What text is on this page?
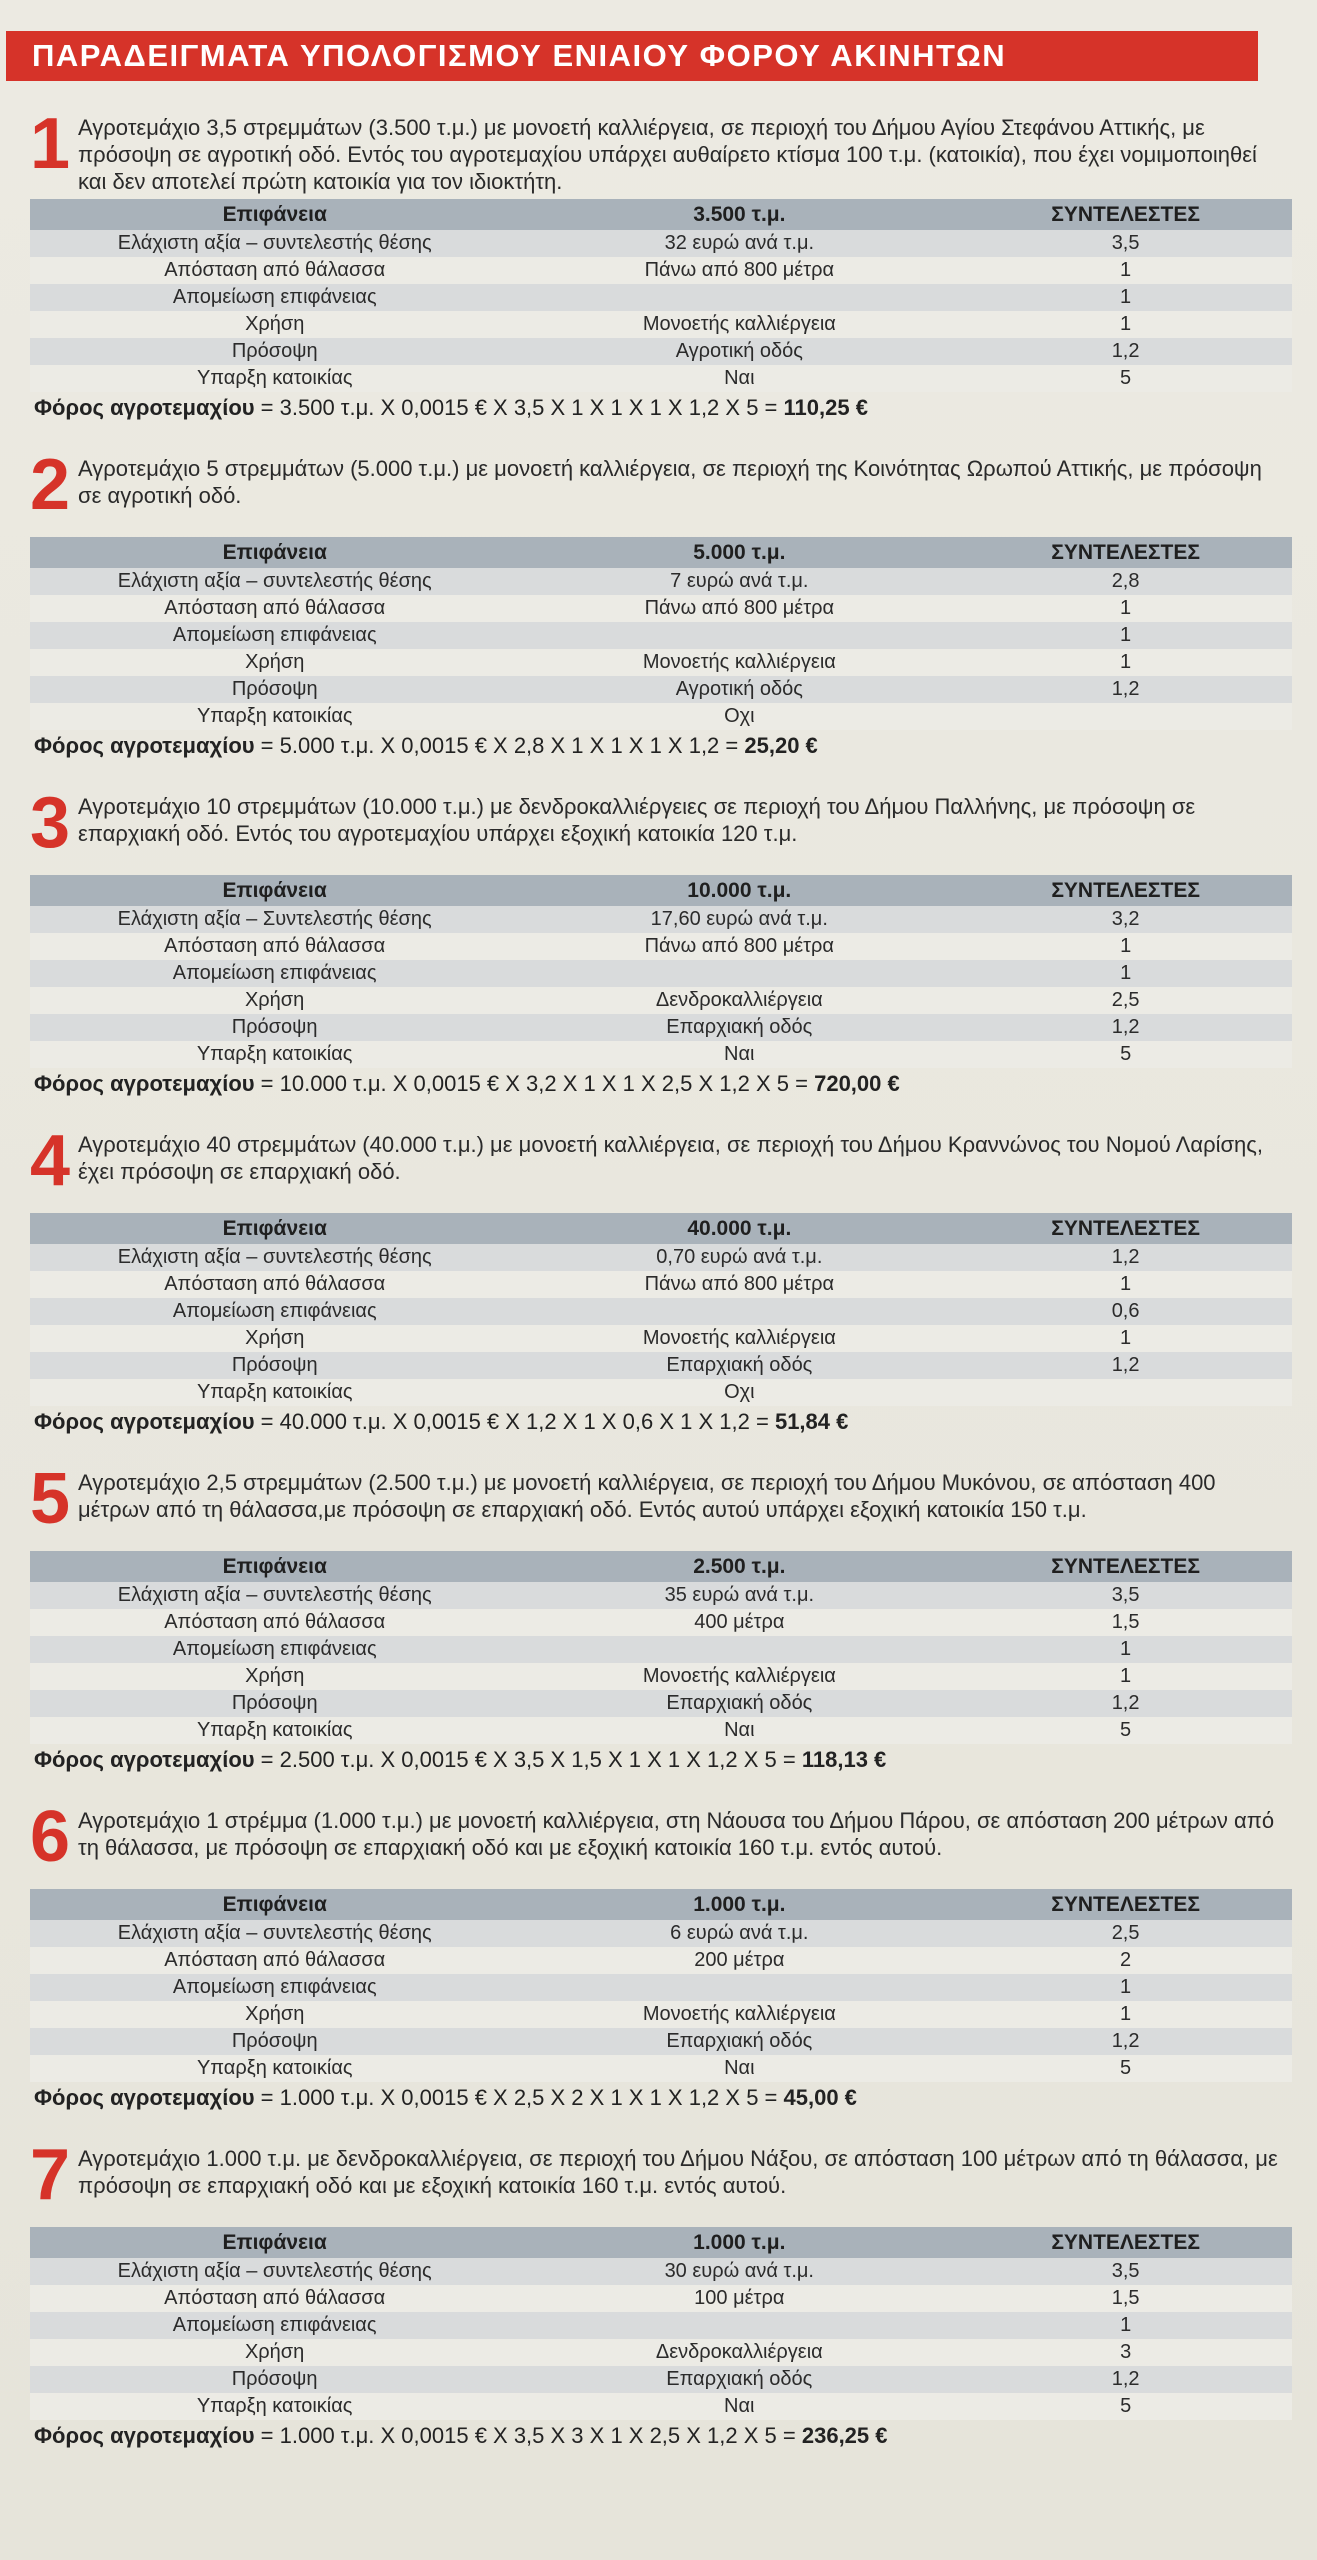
ΠΑΡΑΔΕΙΓΜΑΤΑ ΥΠΟΛΟΓΙΣΜΟΥ ΕΝΙΑΙΟΥ ΦΟΡΟΥ ΑΚΙΝΗΤΩΝ
1 Αγροτεμάχιο 3,5 στρεμμάτων (3.500 τ.μ.) με μονοετή καλλιέργεια, σε περιοχή του Δήμου Αγίου Στεφάνου Αττικής, με πρόσοψη σε αγροτική οδό. Εντός του αγροτεμαχίου υπάρχει αυθαίρετο κτίσμα 100 τ.μ. (κατοικία), που έχει νομιμοποιηθεί και δεν αποτελεί πρώτη κατοικία για τον ιδιοκτήτη.
Επιφάνεια	3.500 τ.μ.	ΣΥΝΤΕΛΕΣΤΕΣ
Ελάχιστη αξία – συντελεστής θέσης	32 ευρώ ανά τ.μ.	3,5
Απόσταση από θάλασσα	Πάνω από 800 μέτρα	1
Απομείωση επιφάνειας		1
Χρήση	Μονοετής καλλιέργεια	1
Πρόσοψη	Αγροτική οδός	1,2
Υπαρξη κατοικίας	Ναι	5
Φόρος αγροτεμαχίου = 3.500 τ.μ. Χ 0,0015 € Χ 3,5 Χ 1 Χ 1 Χ 1 Χ 1,2 Χ 5 = 110,25 €
2 Αγροτεμάχιο 5 στρεμμάτων (5.000 τ.μ.) με μονοετή καλλιέργεια, σε περιοχή της Κοινότητας Ωρωπού Αττικής, με πρόσοψη σε αγροτική οδό.
Επιφάνεια	5.000 τ.μ.	ΣΥΝΤΕΛΕΣΤΕΣ
Ελάχιστη αξία – συντελεστής θέσης	7 ευρώ ανά τ.μ.	2,8
Απόσταση από θάλασσα	Πάνω από 800 μέτρα	1
Απομείωση επιφάνειας		1
Χρήση	Μονοετής καλλιέργεια	1
Πρόσοψη	Αγροτική οδός	1,2
Υπαρξη κατοικίας	Οχι	
Φόρος αγροτεμαχίου = 5.000 τ.μ. Χ 0,0015 € Χ 2,8 Χ 1 Χ 1 Χ 1 Χ 1,2 = 25,20 €
3 Αγροτεμάχιο 10 στρεμμάτων (10.000 τ.μ.) με δενδροκαλλιέργειες σε περιοχή του Δήμου Παλλήνης, με πρόσοψη σε επαρχιακή οδό. Εντός του αγροτεμαχίου υπάρχει εξοχική κατοικία 120 τ.μ.
Επιφάνεια	10.000 τ.μ.	ΣΥΝΤΕΛΕΣΤΕΣ
Ελάχιστη αξία – Συντελεστής θέσης	17,60 ευρώ ανά τ.μ.	3,2
Απόσταση από θάλασσα	Πάνω από 800 μέτρα	1
Απομείωση επιφάνειας		1
Χρήση	Δενδροκαλλιέργεια	2,5
Πρόσοψη	Επαρχιακή οδός	1,2
Υπαρξη κατοικίας	Ναι	5
Φόρος αγροτεμαχίου = 10.000 τ.μ. Χ 0,0015 € Χ 3,2 Χ 1 Χ 1 Χ 2,5 Χ 1,2 Χ 5 = 720,00 €
4 Αγροτεμάχιο 40 στρεμμάτων (40.000 τ.μ.) με μονοετή καλλιέργεια, σε περιοχή του Δήμου Κραννώνος του Νομού Λαρίσης, έχει πρόσοψη σε επαρχιακή οδό.
Επιφάνεια	40.000 τ.μ.	ΣΥΝΤΕΛΕΣΤΕΣ
Ελάχιστη αξία – συντελεστής θέσης	0,70 ευρώ ανά τ.μ.	1,2
Απόσταση από θάλασσα	Πάνω από 800 μέτρα	1
Απομείωση επιφάνειας		0,6
Χρήση	Μονοετής καλλιέργεια	1
Πρόσοψη	Επαρχιακή οδός	1,2
Υπαρξη κατοικίας	Οχι	
Φόρος αγροτεμαχίου = 40.000 τ.μ. Χ 0,0015 € Χ 1,2 Χ 1 Χ 0,6 Χ 1 Χ 1,2 = 51,84 €
5 Αγροτεμάχιο 2,5 στρεμμάτων (2.500 τ.μ.) με μονοετή καλλιέργεια, σε περιοχή του Δήμου Μυκόνου, σε απόσταση 400 μέτρων από τη θάλασσα,με πρόσοψη σε επαρχιακή οδό. Εντός αυτού υπάρχει εξοχική κατοικία 150 τ.μ.
Επιφάνεια	2.500 τ.μ.	ΣΥΝΤΕΛΕΣΤΕΣ
Ελάχιστη αξία – συντελεστής θέσης	35 ευρώ ανά τ.μ.	3,5
Απόσταση από θάλασσα	400 μέτρα	1,5
Απομείωση επιφάνειας		1
Χρήση	Μονοετής καλλιέργεια	1
Πρόσοψη	Επαρχιακή οδός	1,2
Υπαρξη κατοικίας	Ναι	5
Φόρος αγροτεμαχίου = 2.500 τ.μ. Χ 0,0015 € Χ 3,5 Χ 1,5 Χ 1 Χ 1 Χ 1,2 Χ 5 = 118,13 €
6 Αγροτεμάχιο 1 στρέμμα (1.000 τ.μ.) με μονοετή καλλιέργεια, στη Νάουσα του Δήμου Πάρου, σε απόσταση 200 μέτρων από τη θάλασσα, με πρόσοψη σε επαρχιακή οδό και με εξοχική κατοικία 160 τ.μ. εντός αυτού.
Επιφάνεια	1.000 τ.μ.	ΣΥΝΤΕΛΕΣΤΕΣ
Ελάχιστη αξία – συντελεστής θέσης	6 ευρώ ανά τ.μ.	2,5
Απόσταση από θάλασσα	200 μέτρα	2
Απομείωση επιφάνειας		1
Χρήση	Μονοετής καλλιέργεια	1
Πρόσοψη	Επαρχιακή οδός	1,2
Υπαρξη κατοικίας	Ναι	5
Φόρος αγροτεμαχίου = 1.000 τ.μ. Χ 0,0015 € Χ 2,5 Χ 2 Χ 1 Χ 1 Χ 1,2 Χ 5 = 45,00 €
7 Αγροτεμάχιο 1.000 τ.μ. με δενδροκαλλιέργεια, σε περιοχή του Δήμου Νάξου, σε απόσταση 100 μέτρων από τη θάλασσα, με πρόσοψη σε επαρχιακή οδό και με εξοχική κατοικία 160 τ.μ. εντός αυτού.
Επιφάνεια	1.000 τ.μ.	ΣΥΝΤΕΛΕΣΤΕΣ
Ελάχιστη αξία – συντελεστής θέσης	30 ευρώ ανά τ.μ.	3,5
Απόσταση από θάλασσα	100 μέτρα	1,5
Απομείωση επιφάνειας		1
Χρήση	Δενδροκαλλιέργεια	3
Πρόσοψη	Επαρχιακή οδός	1,2
Υπαρξη κατοικίας	Ναι	5
Φόρος αγροτεμαχίου = 1.000 τ.μ. Χ 0,0015 € Χ 3,5 Χ 3 Χ 1 Χ 2,5 Χ 1,2 Χ 5 = 236,25 €
